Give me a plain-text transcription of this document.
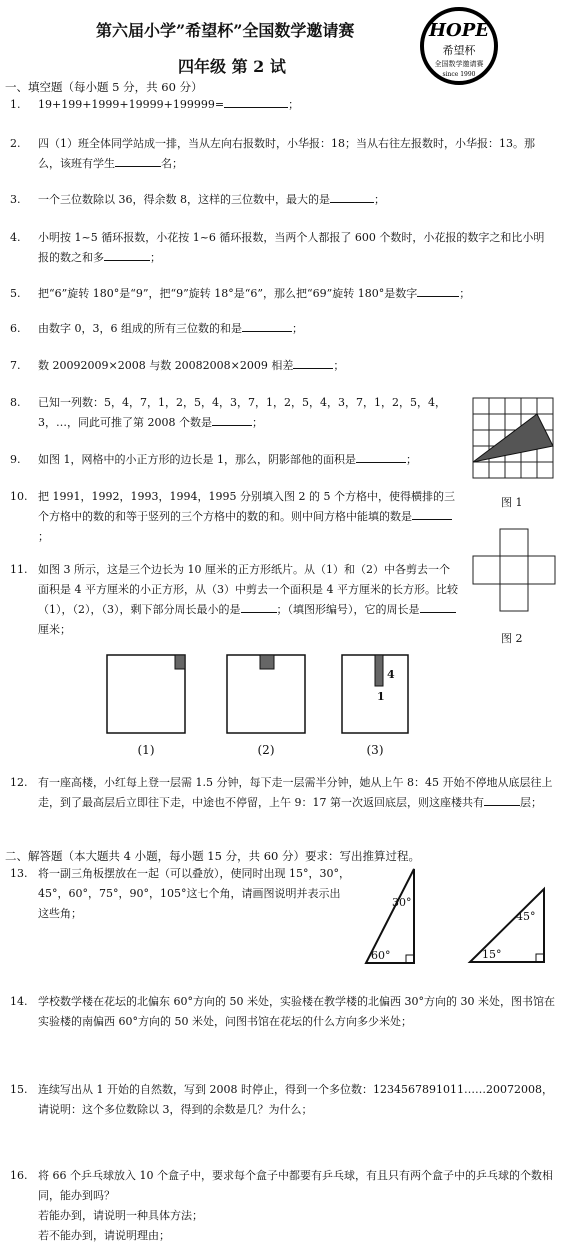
第六届小学”希望杯”全国数学邀请赛
四年级 第 2 试
HOPE
希望杯
全国数学邀请赛
since 1990
一、填空题（每小题 5 分，共 60 分）
1. 19+199+1999+19999+199999=	；
2. 四（1）班全体同学站成一排，当从左向右报数时，小华报：18；当从右往左报数时，小华报：13。那么，该班有学生	名；
3. 一个三位数除以 36，得余数 8，这样的三位数中，最大的是	；
4. 小明按 1~5 循环报数，小花按 1~6 循环报数，当两个人都报了 600 个数时，小花报的数字之和比小明报的数之和多	；
5. 把“6”旋转 180°是“9”，把“9”旋转 18°是“6”，那么把“69”旋转 180°是数字	；
6. 由数字 0，3，6 组成的所有三位数的和是	；
7. 数 20092009×2008 与数 20082008×2009 相差	；
8. 已知一列数：5，4，7，1，2，5，4，3，7，1，2，5，4，3，7，1，2，5，4，3，…，同此可推了第 2008 个数是	；
9. 如图 1，网格中的小正方形的边长是 1，那么，阴影部他的面积是	；
10. 把 1991，1992，1993，1994，1995 分别填入图 2 的 5 个方格中，使得横排的三个方格中的数的和等于竖列的三个方格中的数的和。则中间方格中能填的数是；
11. 如图 3 所示，这是三个边长为 10 厘米的正方形纸片。从（1）和（2）中各剪去一个面积是 4 平方厘米的小正方形，从（3）中剪去一个面积是 4 平方厘米的长方形。比较（1），（2），（3），剩下部分周长最小的是	；（填图形编号），它的周长是厘米；
图 1
图 2
4
1
(1)	(2)	(3)
12. 有一座高楼，小红每上登一层需 1.5 分钟，每下走一层需半分钟，她从上午 8：45 开始不停地从底层往上走，到了最高层后立即往下走，中途也不停留，上午 9：17 第一次返回底层，则这座楼共有	层；
二、解答题（本大题共 4 小题，每小题 15 分，共 60 分）要求：写出推算过程。
13. 将一副三角板摆放在一起（可以叠放），使同时出现 15°，30°，45°，60°，75°，90°，105°这七个角，请画图说明并表示出这些角；
30°
60°
45°
15°
14. 学校数学楼在花坛的北偏东 60°方向的 50 米处，实验楼在教学楼的北偏西 30°方向的 30 米处，图书馆在实验楼的南偏西 60°方向的 50 米处，问图书馆在花坛的什么方向多少米处；
15. 连续写出从 1 开始的自然数，写到 2008 时停止，得到一个多位数：1234567891011……20072008，请说明：这个多位数除以 3，得到的余数是几？为什么；
16. 将 66 个乒乓球放入 10 个盒子中，要求每个盒子中都要有乒乓球，有且只有两个盒子中的乒乓球的个数相同，能办到吗？
若能办到，请说明一种具体方法；
若不能办到，请说明理由；
